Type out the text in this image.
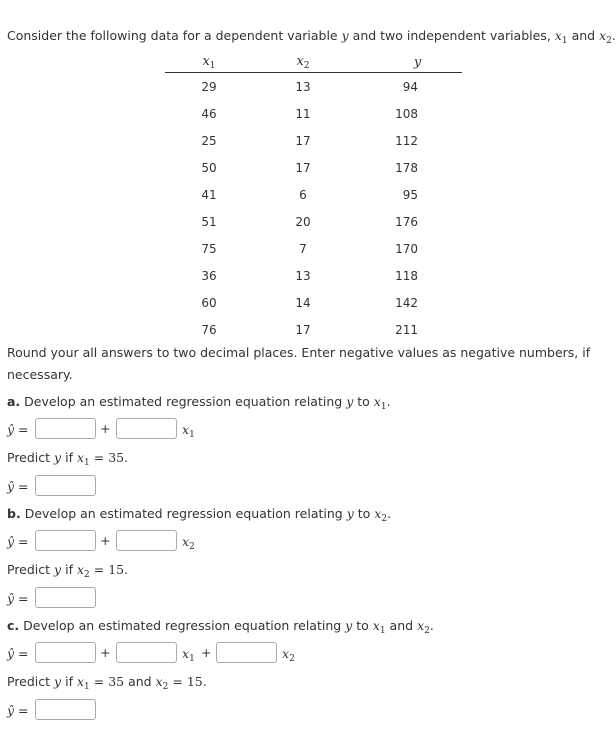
Consider the following data for a dependent variable y and two independent variables, $x_1$ and $x_2$.
$x_1$	$x_2$	y
29	13	94
46	11	108
25	17	112
50	17	178
41	6	95
51	20	176
75	7	170
36	13	118
60	14	142
76	17	211
Round your all answers to two decimal places. Enter negative values as negative numbers, if
necessary.
a. Develop an estimated regression equation relating y to $x_1$.
ŷ =	+	$x_1$
Predict y if $x_1 = 35$.
ŷ =
b. Develop an estimated regression equation relating y to $x_2$.
ŷ =	+	$x_2$
Predict y if $x_2 = 15$.
ŷ =
c. Develop an estimated regression equation relating y to $x_1$ and $x_2$.
ŷ =	+	$x_1$ +	$x_2$
Predict y if $x_1 = 35$ and $x_2 = 15$.
ŷ =
